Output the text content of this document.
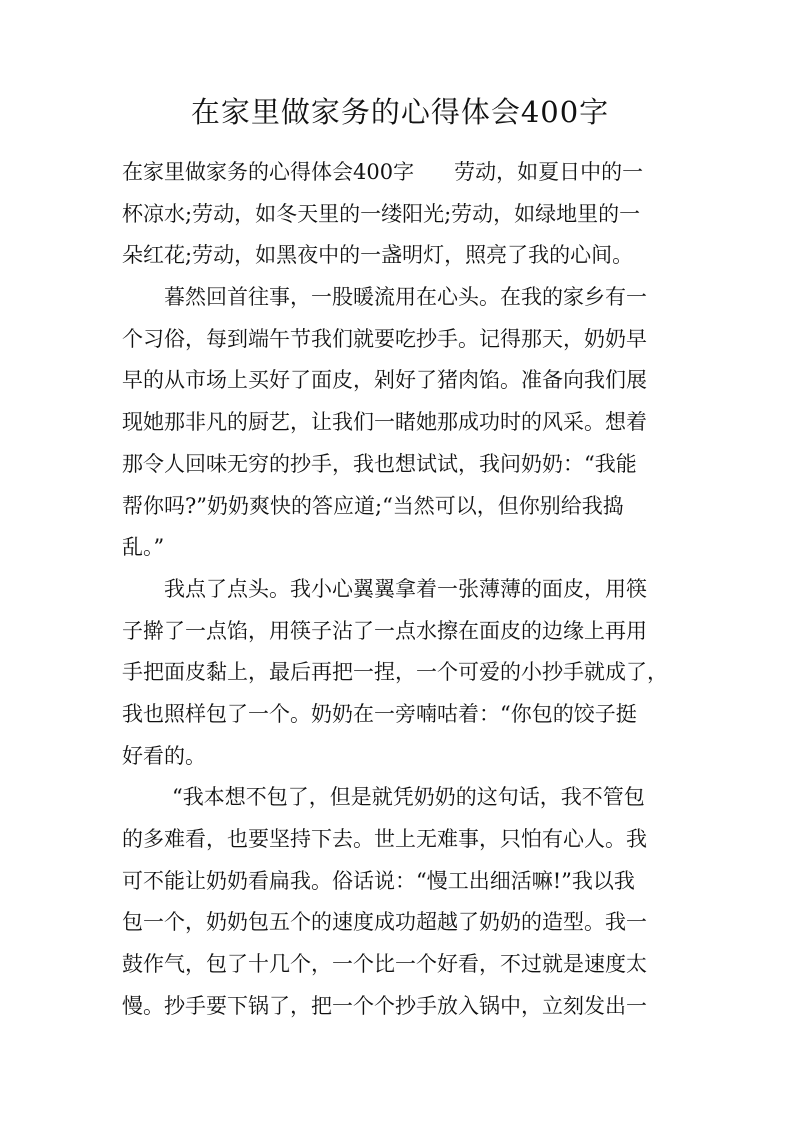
在家里做家务的心得体会400字
在家里做家务的心得体会400字 劳动，如夏日中的一
杯凉水;劳动，如冬天里的一缕阳光;劳动，如绿地里的一
朵红花;劳动，如黑夜中的一盏明灯，照亮了我的心间。
暮然回首往事，一股暖流用在心头。在我的家乡有一
个习俗，每到端午节我们就要吃抄手。记得那天，奶奶早
早的从市场上买好了面皮，剁好了猪肉馅。准备向我们展
现她那非凡的厨艺，让我们一睹她那成功时的风采。想着
那令人回味无穷的抄手，我也想试试，我问奶奶：“我能
帮你吗?”奶奶爽快的答应道;“当然可以，但你别给我捣
乱。”
我点了点头。我小心翼翼拿着一张薄薄的面皮，用筷
子擀了一点馅，用筷子沾了一点水擦在面皮的边缘上再用
手把面皮黏上，最后再把一捏，一个可爱的小抄手就成了，
我也照样包了一个。奶奶在一旁喃咕着：“你包的饺子挺
好看的。
“我本想不包了，但是就凭奶奶的这句话，我不管包
的多难看，也要坚持下去。世上无难事，只怕有心人。我
可不能让奶奶看扁我。俗话说：“慢工出细活嘛!”我以我
包一个，奶奶包五个的速度成功超越了奶奶的造型。我一
鼓作气，包了十几个，一个比一个好看，不过就是速度太
慢。抄手要下锅了，把一个个抄手放入锅中，立刻发出一
